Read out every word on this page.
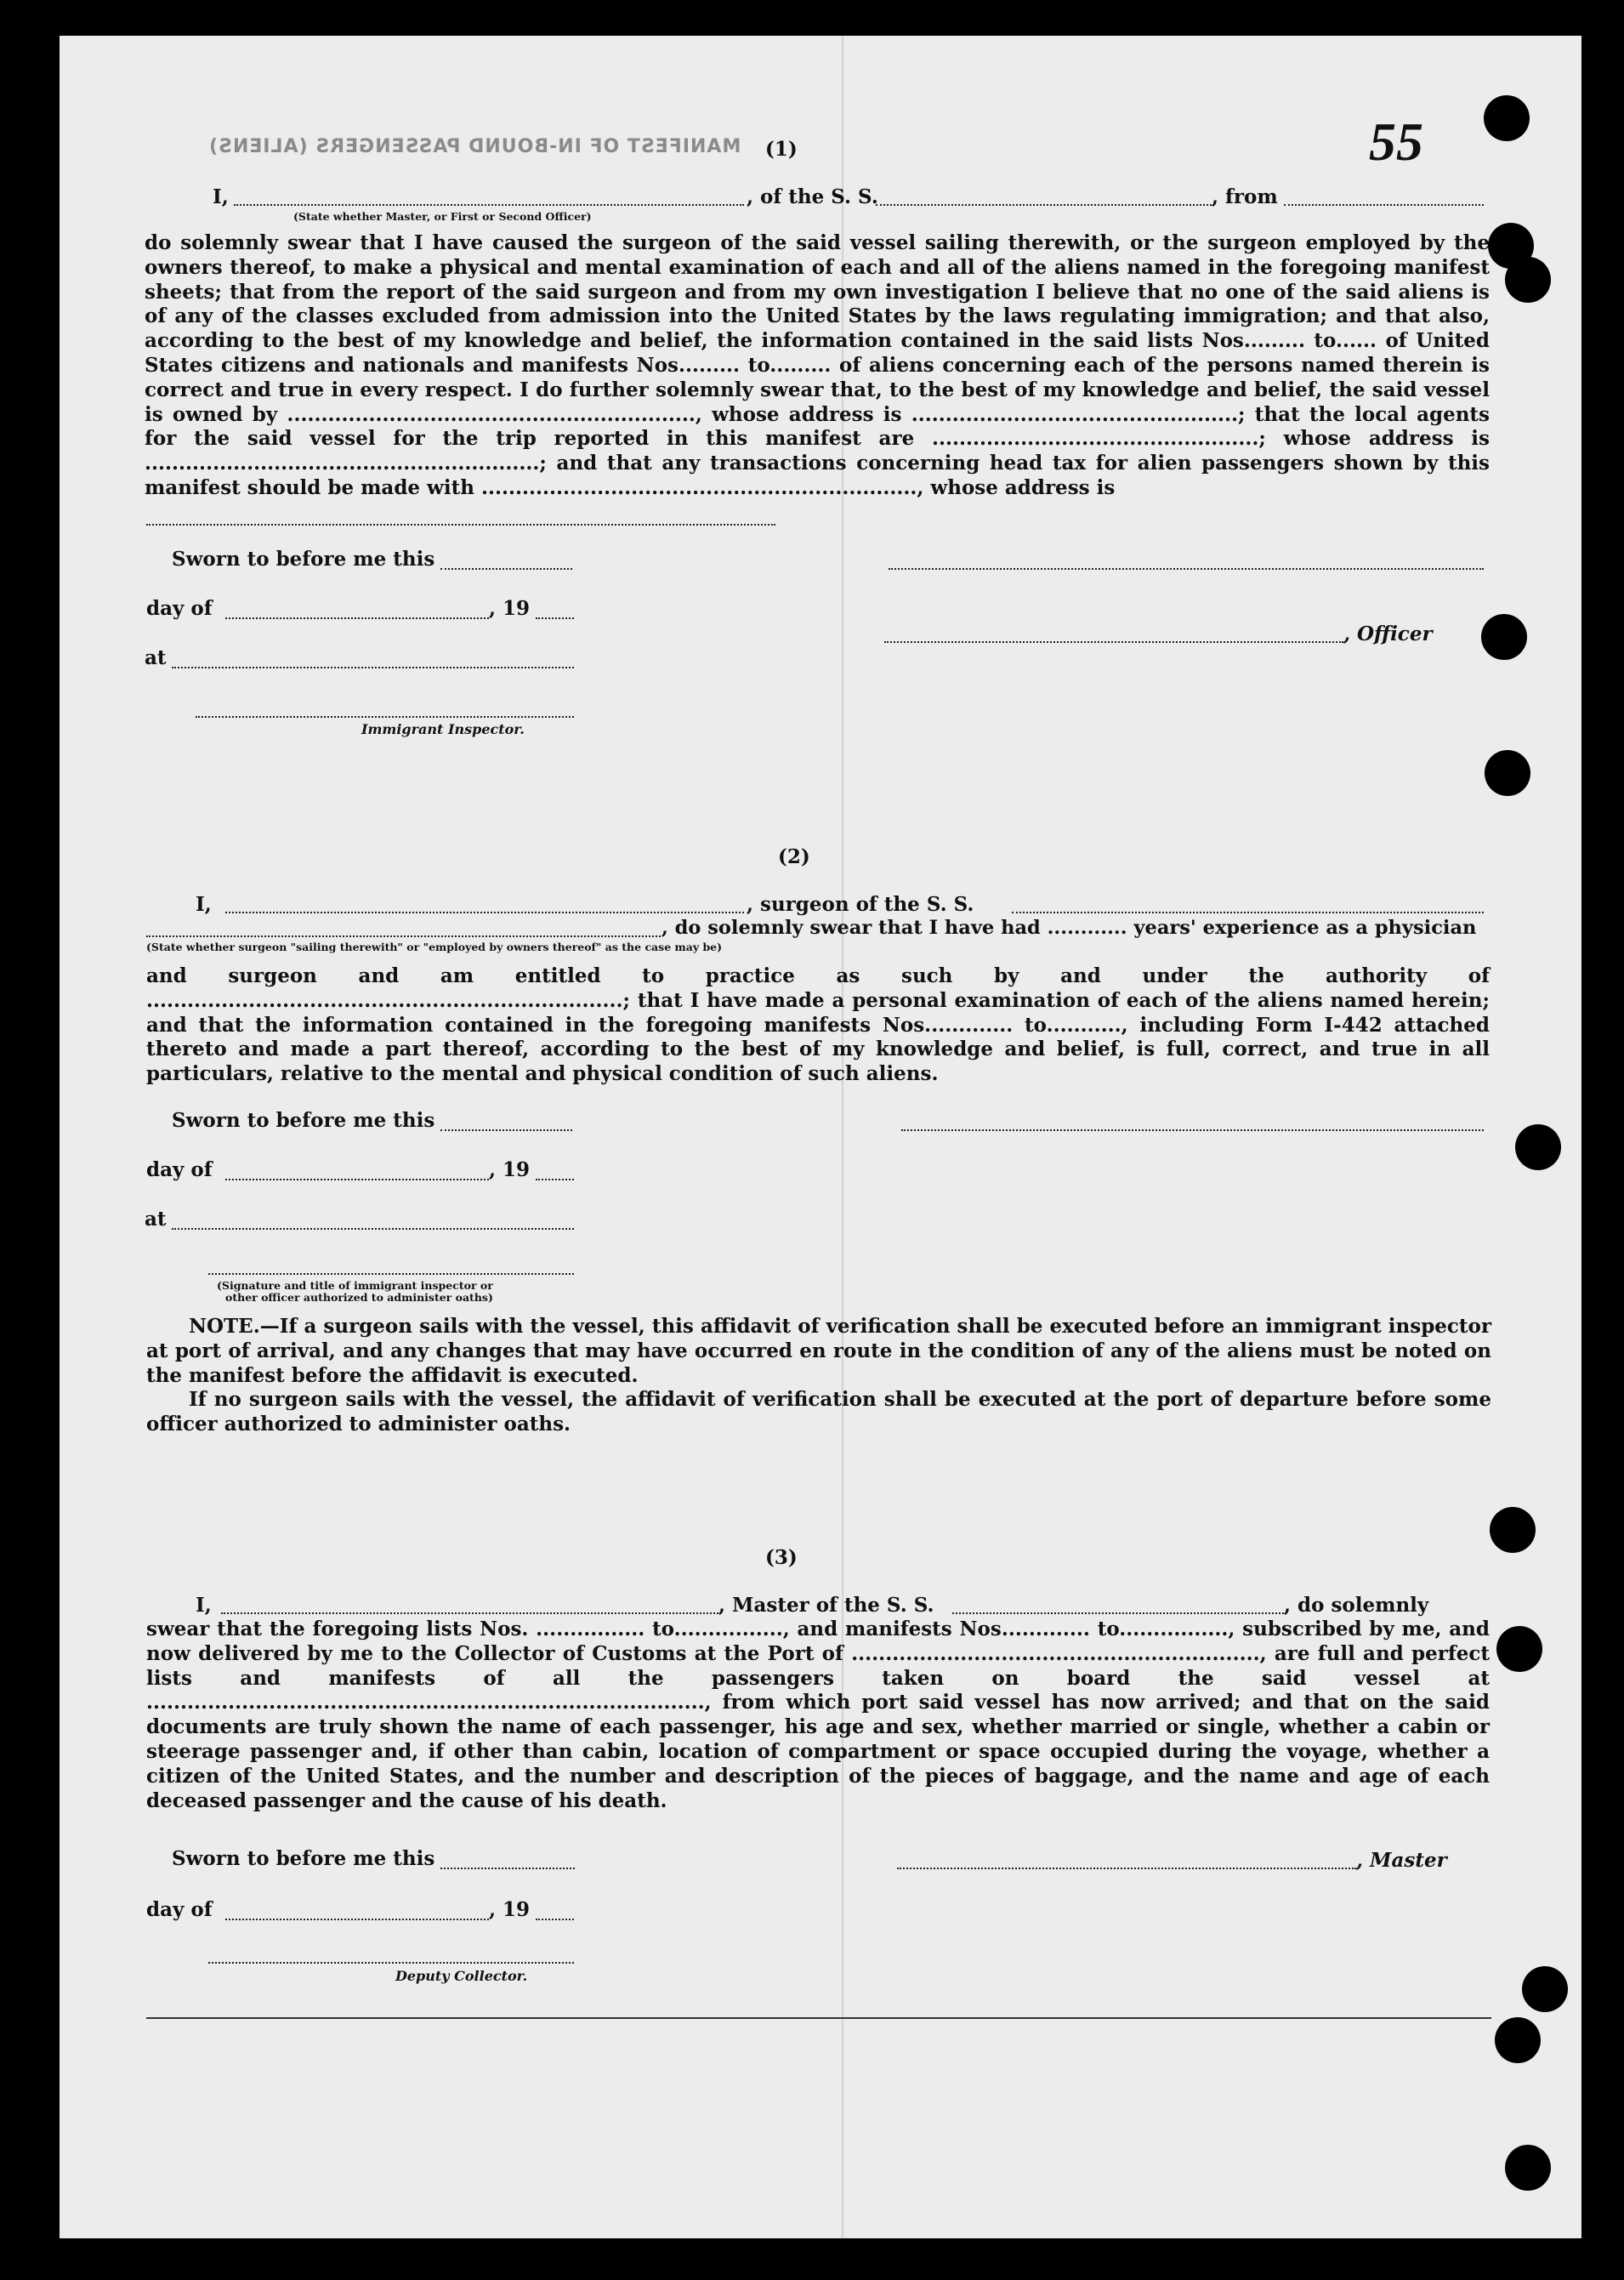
MANIFEST OF IN-BOUND PASSENGERS (ALIENS)	55
(1)
I,	, of the S. S.	, from
(State whether Master, or First or Second Officer)

do solemnly swear that I have caused the surgeon of the said vessel sailing therewith, or the surgeon employed by the owners thereof, to make a physical and mental examination of each and all of the aliens named in the foregoing manifest sheets; that from the report of the said surgeon and from my own investigation I believe that no one of the said aliens is of any of the classes excluded from admission into the United States by the laws regulating immigration; and that also, according to the best of my knowledge and belief, the information contained in the said lists Nos......... to...... of United States citizens and nationals and manifests Nos......... to......... of aliens concerning each of the persons named therein is correct and true in every respect. I do further solemnly swear that, to the best of my knowledge and belief, the said vessel is owned by ............................................................, whose address is ................................................; that the local agents for the said vessel for the trip reported in this manifest are ................................................; whose address is ..........................................................; and that any transactions concerning head tax for alien passengers shown by this manifest should be made with ................................................................, whose address is

Sworn to before me this
day of	, 19
, Officer
at
Immigrant Inspector.
(2)
I,	, surgeon of the S. S.
, do solemnly swear that I have had ............ years' experience as a physician
(State whether surgeon "sailing therewith" or "employed by owners thereof" as the case may be)

and surgeon and am entitled to practice as such by and under the authority of ......................................................................; that I have made a personal examination of each of the aliens named herein; and that the information contained in the foregoing manifests Nos............. to..........., including Form I-442 attached thereto and made a part thereof, according to the best of my knowledge and belief, is full, correct, and true in all particulars, relative to the mental and physical condition of such aliens.

Sworn to before me this
day of	, 19
at
(Signature and title of immigrant inspector or
other officer authorized to administer oaths)

NOTE.—If a surgeon sails with the vessel, this affidavit of verification shall be executed before an immigrant inspector at port of arrival, and any changes that may have occurred en route in the condition of any of the aliens must be noted on the manifest before the affidavit is executed.

If no surgeon sails with the vessel, the affidavit of verification shall be executed at the port of departure before some officer authorized to administer oaths.

(3)
I,	, Master of the S. S.	, do solemnly

swear that the foregoing lists Nos. ................ to................, and manifests Nos............. to................, subscribed by me, and now delivered by me to the Collector of Customs at the Port of ............................................................, are full and perfect lists and manifests of all the passengers taken on board the said vessel at .................................................................................., from which port said vessel has now arrived; and that on the said documents are truly shown the name of each passenger, his age and sex, whether married or single, whether a cabin or steerage passenger and, if other than cabin, location of compartment or space occupied during the voyage, whether a citizen of the United States, and the number and description of the pieces of baggage, and the name and age of each deceased passenger and the cause of his death.

Sworn to before me this	, Master
day of	, 19
Deputy Collector.
